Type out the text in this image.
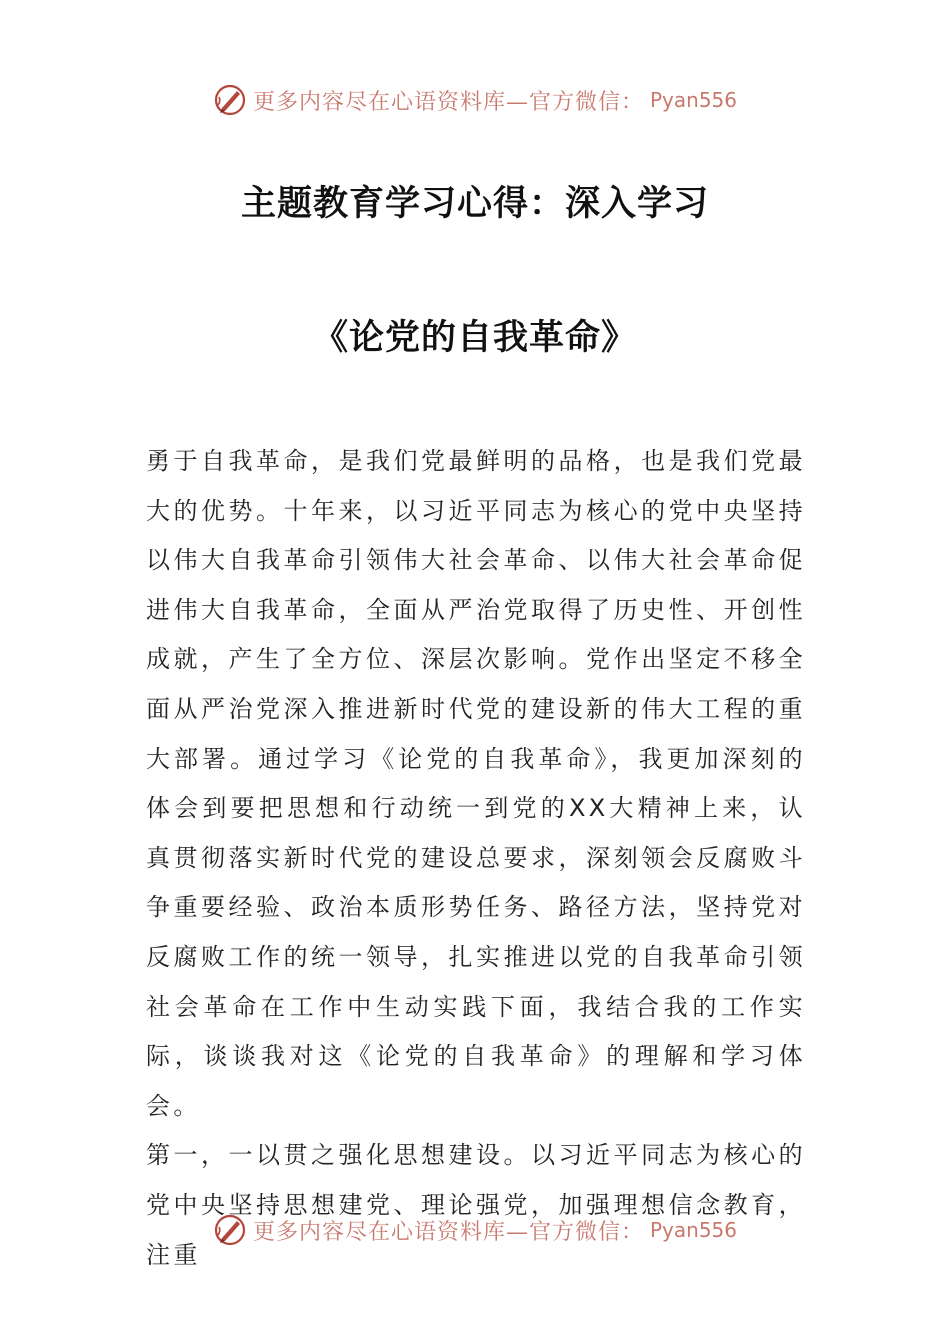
更多内容尽在心语资料库—官方微信： Pyan556
主题教育学习心得：深入学习
《论党的自我革命》

勇于自我革命，是我们党最鲜明的品格，也是我们党最大的优势。十年来，以习近平同志为核心的党中央坚持以伟大自我革命引领伟大社会革命、以伟大社会革命促进伟大自我革命，全面从严治党取得了历史性、开创性成就，产生了全方位、深层次影响。党作出坚定不移全面从严治党深入推进新时代党的建设新的伟大工程的重大部署。通过学习《论党的自我革命》，我更加深刻的体会到要把思想和行动统一到党的XX大精神上来，认真贯彻落实新时代党的建设总要求，深刻领会反腐败斗争重要经验、政治本质形势任务、路径方法，坚持党对反腐败工作的统一领导，扎实推进以党的自我革命引领社会革命在工作中生动实践下面，我结合我的工作实际，谈谈我对这《论党的自我革命》的理解和学习体会。

第一，一以贯之强化思想建设。以习近平同志为核心的党中央坚持思想建党、理论强党，加强理想信念教育，注重

更多内容尽在心语资料库—官方微信： Pyan556
